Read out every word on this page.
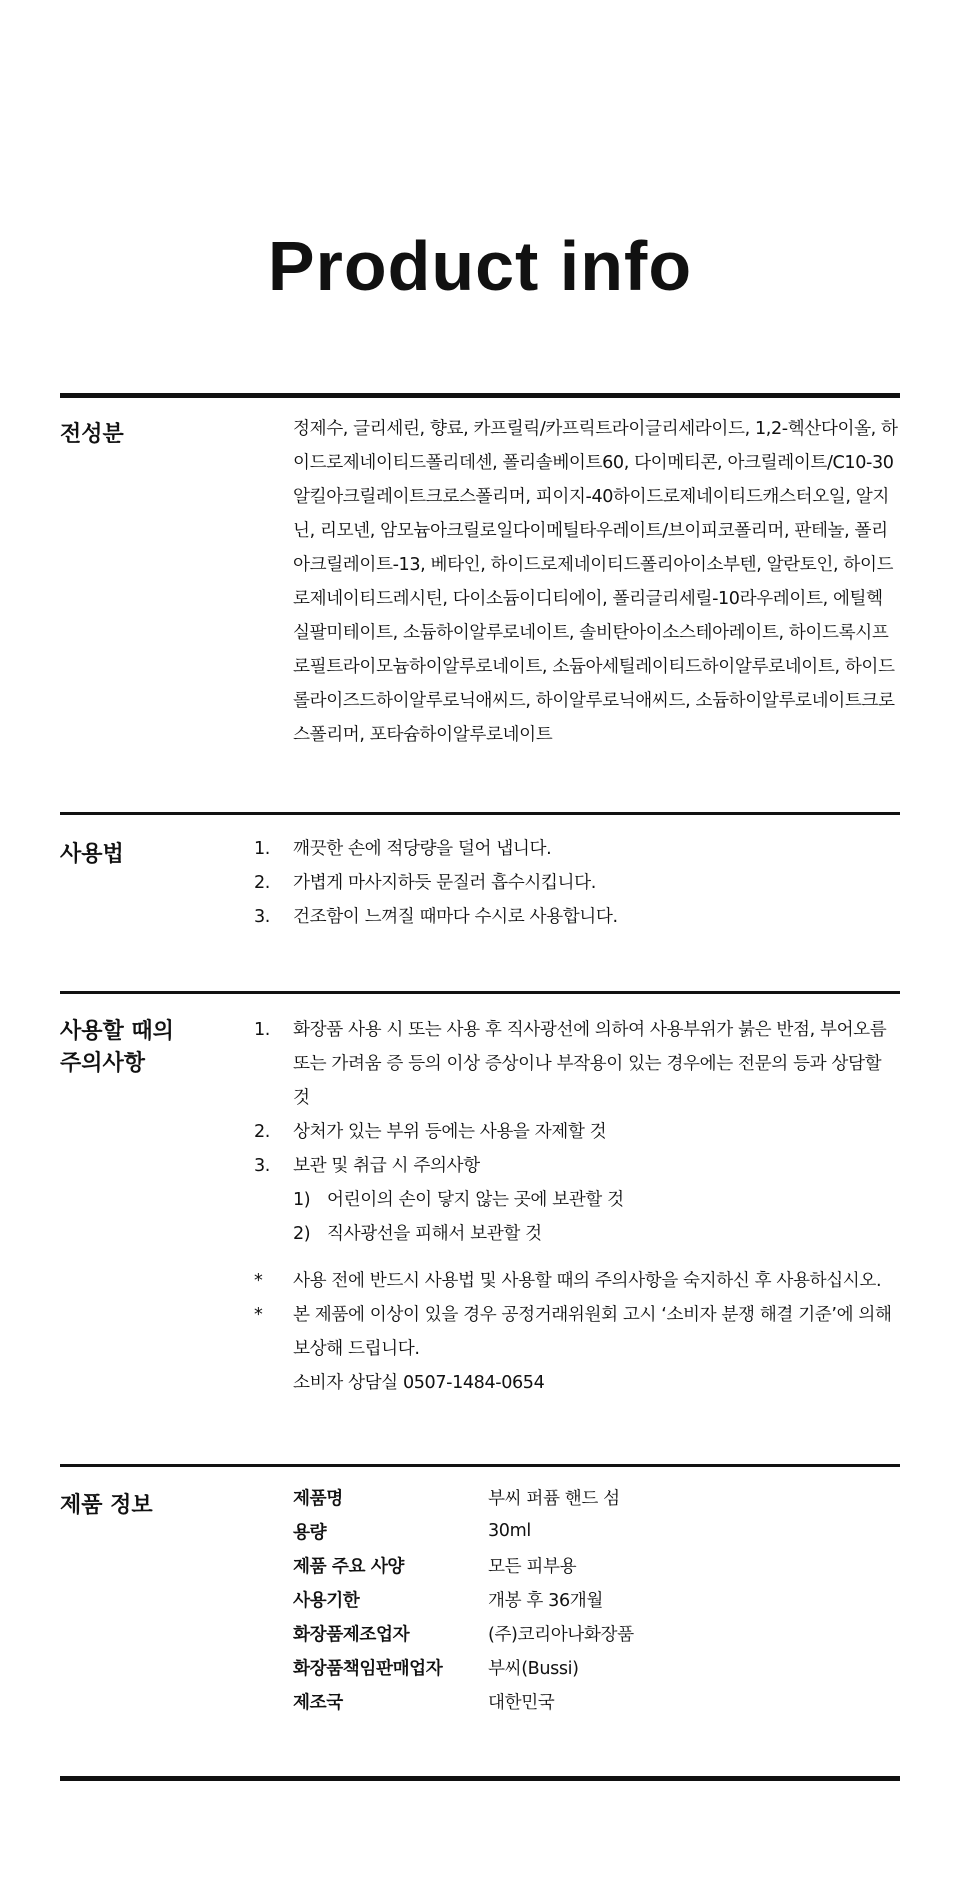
Product info
전성분	정제수, 글리세린, 향료, 카프릴릭/카프릭트라이글리세라이드, 1,2-헥산다이올, 하이드로제네이티드폴리데센, 폴리솔베이트60, 다이메티콘, 아크릴레이트/C10-30알킬아크릴레이트크로스폴리머, 피이지-40하이드로제네이티드캐스터오일, 알지닌, 리모넨, 암모늄아크릴로일다이메틸타우레이트/브이피코폴리머, 판테놀, 폴리아크릴레이트-13, 베타인, 하이드로제네이티드폴리아이소부텐, 알란토인, 하이드로제네이티드레시틴, 다이소듐이디티에이, 폴리글리세릴-10라우레이트, 에틸헥실팔미테이트, 소듐하이알루로네이트, 솔비탄아이소스테아레이트, 하이드록시프로필트라이모늄하이알루로네이트, 소듐아세틸레이티드하이알루로네이트, 하이드롤라이즈드하이알루로닉애씨드, 하이알루로닉애씨드, 소듐하이알루로네이트크로스폴리머, 포타슘하이알루로네이트

사용법	1. 깨끗한 손에 적당량을 덜어 냅니다.
2. 가볍게 마사지하듯 문질러 흡수시킵니다.
3. 건조함이 느껴질 때마다 수시로 사용합니다.
사용할 때의
주의사항
1. 화장품 사용 시 또는 사용 후 직사광선에 의하여 사용부위가 붉은 반점, 부어오름 또는 가려움 증 등의 이상 증상이나 부작용이 있는 경우에는 전문의 등과 상담할 것
2. 상처가 있는 부위 등에는 사용을 자제할 것
3. 보관 및 취급 시 주의사항
1) 어린이의 손이 닿지 않는 곳에 보관할 것
2) 직사광선을 피해서 보관할 것
* 사용 전에 반드시 사용법 및 사용할 때의 주의사항을 숙지하신 후 사용하십시오.
* 본 제품에 이상이 있을 경우 공정거래위원회 고시 ‘소비자 분쟁 해결 기준’에 의해 보상해 드립니다.
소비자 상담실 0507-1484-0654
제품 정보	제품명	부씨 퍼퓸 핸드 섬
용량	30ml
제품 주요 사양	모든 피부용
사용기한	개봉 후 36개월
화장품제조업자	(주)코리아나화장품
화장품책임판매업자	부씨(Bussi)
제조국	대한민국
